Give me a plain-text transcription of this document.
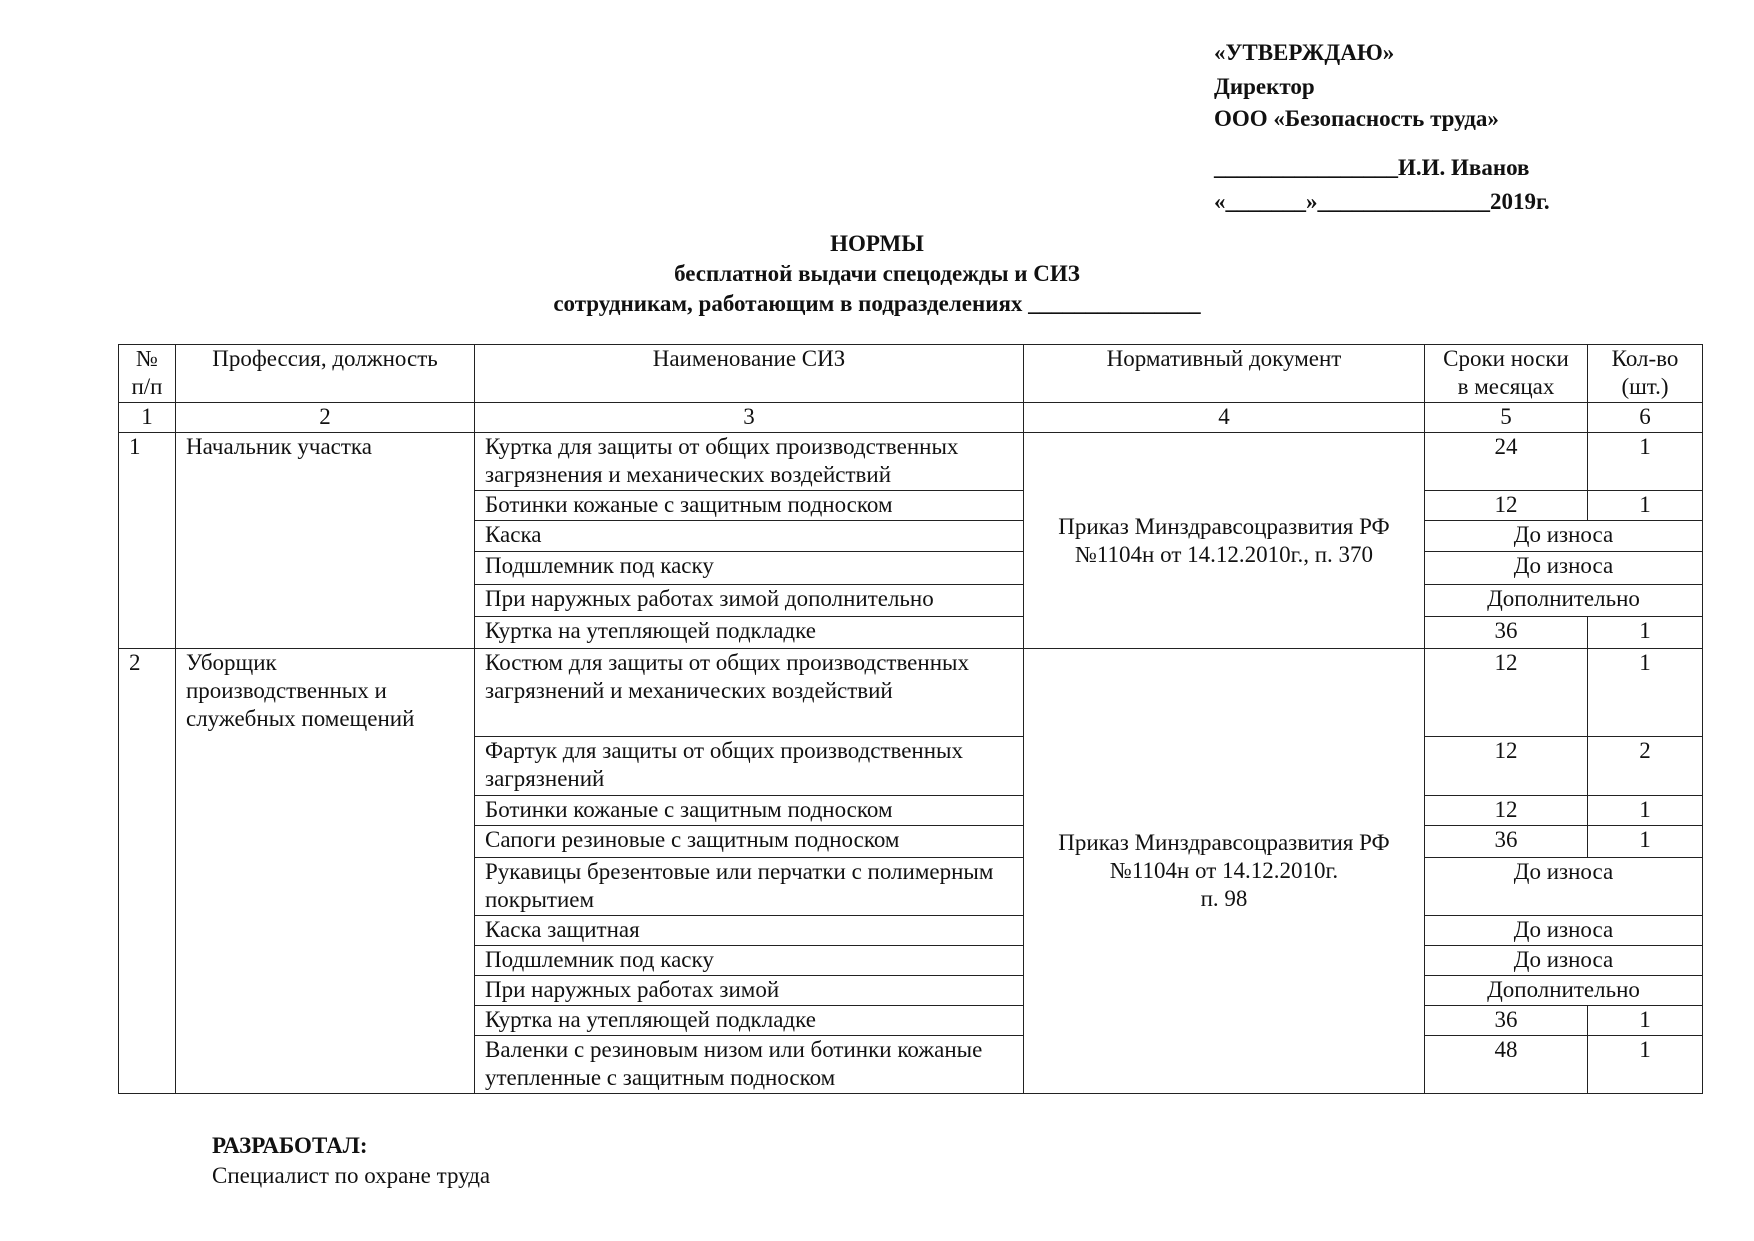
«УТВЕРЖДАЮ»
Директор
ООО «Безопасность труда»
________________И.И. Иванов
«_______»_______________2019г.
НОРМЫ
бесплатной выдачи спецодежды и СИЗ
сотрудникам, работающим в подразделениях _______________
№ п/п	Профессия, должность	Наименование СИЗ	Нормативный документ	Сроки носки в месяцах	Кол-во (шт.)
1	2	3	4	5	6
1	Начальник участка	Куртка для защиты от общих производственных загрязнения и механических воздействий	Приказ Минздравсоцразвития РФ №1104н от 14.12.2010г., п. 370	24	1
		Ботинки кожаные с защитным подноском		12	1
		Каска		До износа	
		Подшлемник под каску		До износа	
		При наружных работах зимой дополнительно		Дополнительно	
		Куртка на утепляющей подкладке		36	1
2	Уборщик производственных и служебных помещений	Костюм для защиты от общих производственных загрязнений и механических воздействий	Приказ Минздравсоцразвития РФ
№1104н от 14.12.2010г.
п. 98	12	1
		Фартук для защиты от общих производственных загрязнений		12	2
		Ботинки кожаные с защитным подноском		12	1
		Сапоги резиновые с защитным подноском		36	1
		Рукавицы брезентовые или перчатки с полимерным покрытием		До износа	
		Каска защитная		До износа	
		Подшлемник под каску		До износа	
		При наружных работах зимой		Дополнительно	
		Куртка на утепляющей подкладке		36	1
		Валенки с резиновым низом или ботинки кожаные утепленные с защитным подноском		48	1
РАЗРАБОТАЛ:
Специалист по охране труда
